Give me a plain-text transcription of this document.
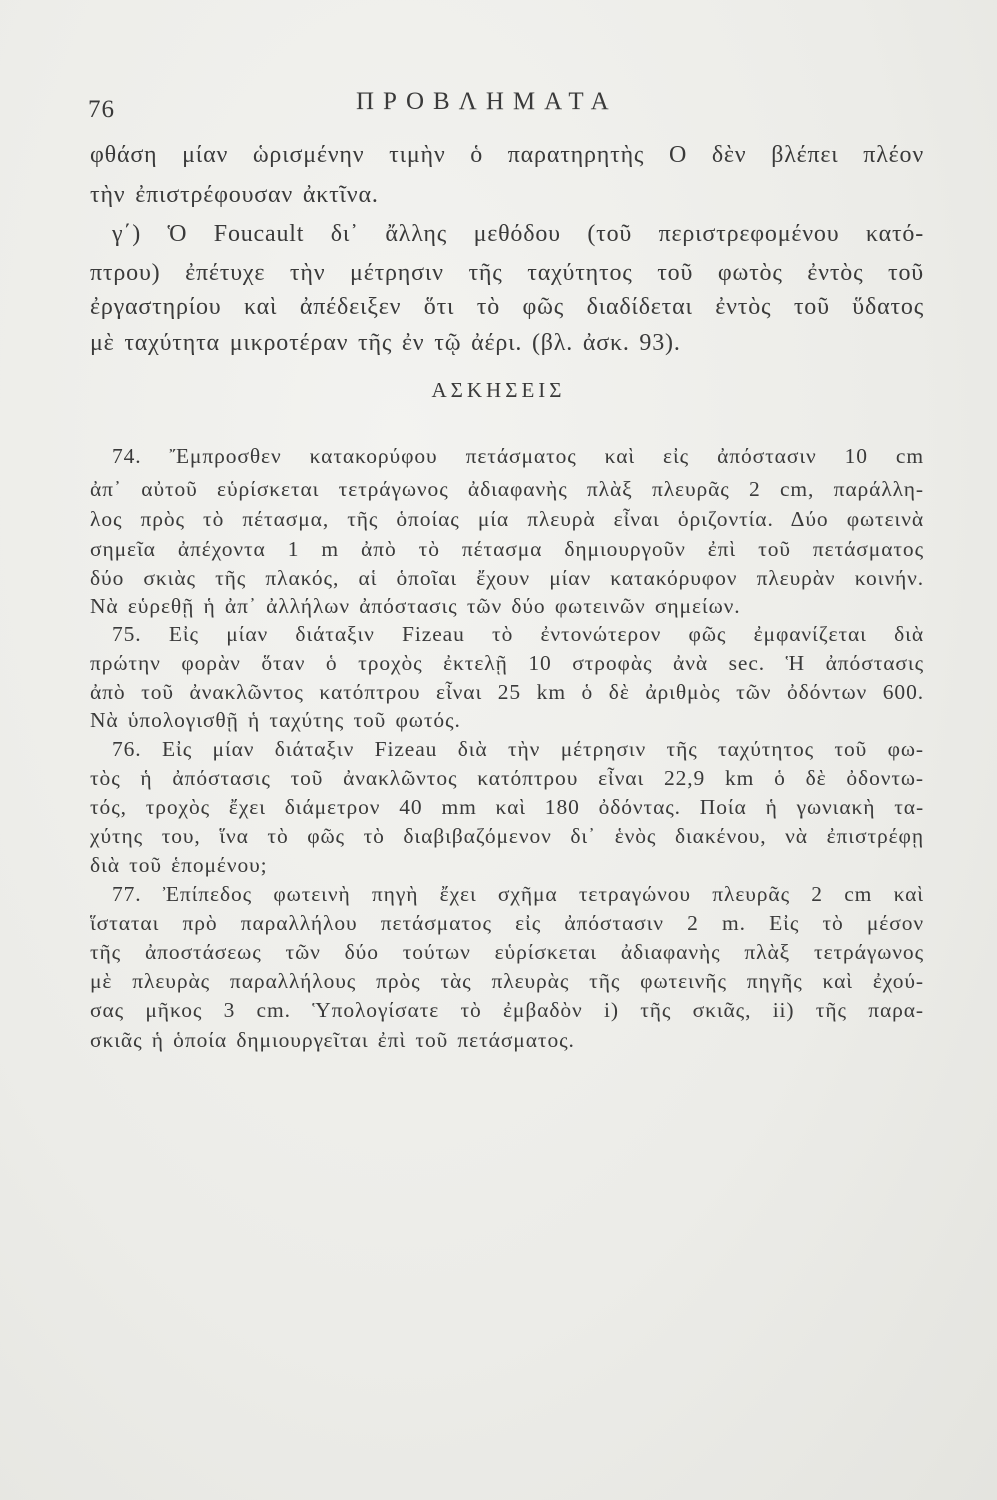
76	ΠΡΟΒΛΗΜΑΤΑ
φθάση μίαν ὡρισμένην τιμὴν ὁ παρατηρητὴς Ο δὲν βλέπει πλέον
τὴν ἐπιστρέφουσαν ἀκτῖνα.
γ΄) Ὁ Foucault δι᾽ ἄλλης μεθόδου (τοῦ περιστρεφομένου κατό-
πτρου) ἐπέτυχε τὴν μέτρησιν τῆς ταχύτητος τοῦ φωτὸς ἐντὸς τοῦ
ἐργαστηρίου καὶ ἀπέδειξεν ὅτι τὸ φῶς διαδίδεται ἐντὸς τοῦ ὕδατος
μὲ ταχύτητα μικροτέραν τῆς ἐν τῷ ἀέρι. (βλ. ἀσκ. 93).
ΑΣΚΗΣΕΙΣ
74. Ἔμπροσθεν κατακορύφου πετάσματος καὶ εἰς ἀπόστασιν 10 cm
ἀπ᾽ αὐτοῦ εὑρίσκεται τετράγωνος ἀδιαφανὴς πλὰξ πλευρᾶς 2 cm, παράλλη-
λος πρὸς τὸ πέτασμα, τῆς ὁποίας μία πλευρὰ εἶναι ὁριζοντία. Δύο φωτεινὰ
σημεῖα ἀπέχοντα 1 m ἀπὸ τὸ πέτασμα δημιουργοῦν ἐπὶ τοῦ πετάσματος
δύο σκιὰς τῆς πλακός, αἱ ὁποῖαι ἔχουν μίαν κατακόρυφον πλευρὰν κοινήν.
Νὰ εὑρεθῇ ἡ ἀπ᾽ ἀλλήλων ἀπόστασις τῶν δύο φωτεινῶν σημείων.
75. Εἰς μίαν διάταξιν Fizeau τὸ ἐντονώτερον φῶς ἐμφανίζεται διὰ
πρώτην φορὰν ὅταν ὁ τροχὸς ἐκτελῇ 10 στροφὰς ἀνὰ sec. Ἡ ἀπόστασις
ἀπὸ τοῦ ἀνακλῶντος κατόπτρου εἶναι 25 km ὁ δὲ ἀριθμὸς τῶν ὀδόντων 600.
Νὰ ὑπολογισθῇ ἡ ταχύτης τοῦ φωτός.
76. Εἰς μίαν διάταξιν Fizeau διὰ τὴν μέτρησιν τῆς ταχύτητος τοῦ φω-
τὸς ἡ ἀπόστασις τοῦ ἀνακλῶντος κατόπτρου εἶναι 22,9 km ὁ δὲ ὀδοντω-
τός, τροχὸς ἔχει διάμετρον 40 mm καὶ 180 ὀδόντας. Ποία ἡ γωνιακὴ τα-
χύτης του, ἵνα τὸ φῶς τὸ διαβιβαζόμενον δι᾽ ἑνὸς διακένου, νὰ ἐπιστρέφῃ
διὰ τοῦ ἑπομένου;
77. Ἐπίπεδος φωτεινὴ πηγὴ ἔχει σχῆμα τετραγώνου πλευρᾶς 2 cm καὶ
ἵσταται πρὸ παραλλήλου πετάσματος εἰς ἀπόστασιν 2 m. Εἰς τὸ μέσον
τῆς ἀποστάσεως τῶν δύο τούτων εὑρίσκεται ἀδιαφανὴς πλὰξ τετράγωνος
μὲ πλευρὰς παραλλήλους πρὸς τὰς πλευρὰς τῆς φωτεινῆς πηγῆς καὶ ἐχού-
σας μῆκος 3 cm. Ὑπολογίσατε τὸ ἐμβαδὸν i) τῆς σκιᾶς, ii) τῆς παρα-
σκιᾶς ἡ ὁποία δημιουργεῖται ἐπὶ τοῦ πετάσματος.
